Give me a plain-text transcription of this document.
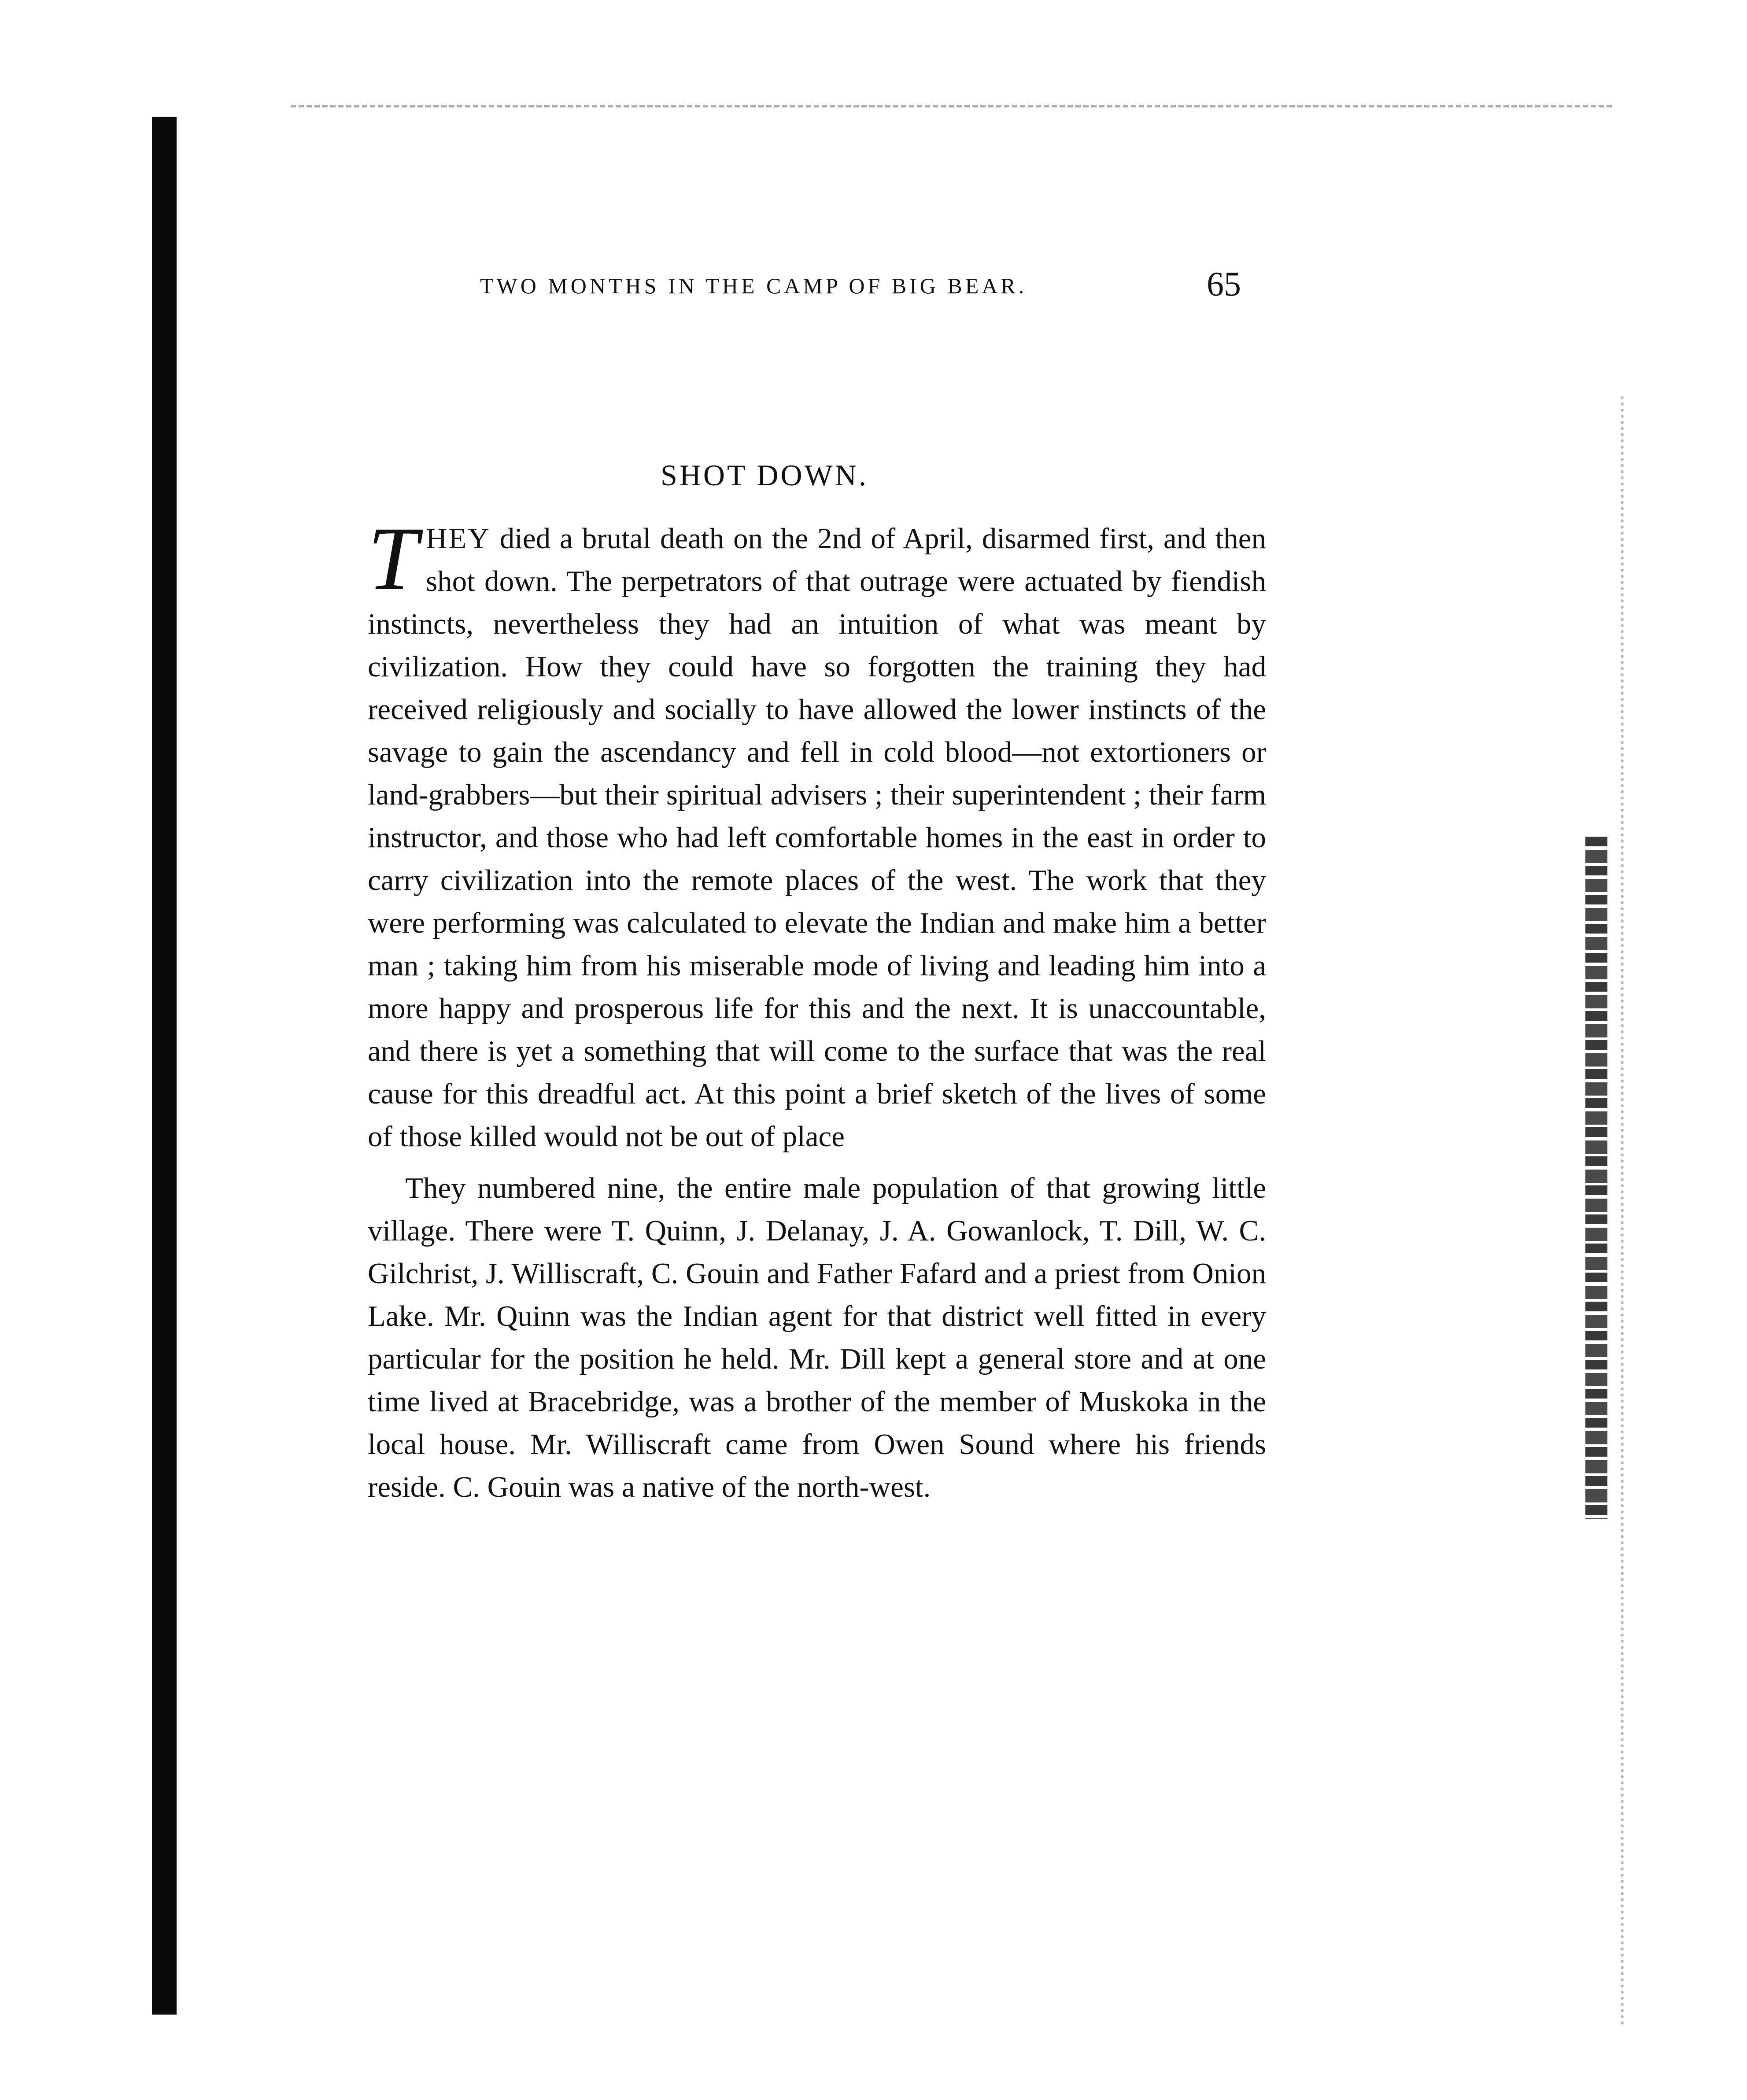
TWO MONTHS IN THE CAMP OF BIG BEAR.	65
SHOT DOWN.

THEY died a brutal death on the 2nd of April, disarmed first, and then shot down. The perpetrators of that outrage were actuated by fiendish instincts, nevertheless they had an intuition of what was meant by civilization. How they could have so forgotten the training they had received religiously and socially to have allowed the lower instincts of the savage to gain the ascendancy and fell in cold blood—not extortioners or land-grabbers—but their spiritual advisers ; their superintendent ; their farm instructor, and those who had left comfortable homes in the east in order to carry civilization into the remote places of the west. The work that they were performing was calculated to elevate the Indian and make him a better man ; taking him from his miserable mode of living and leading him into a more happy and prosperous life for this and the next. It is unaccountable, and there is yet a something that will come to the surface that was the real cause for this dreadful act. At this point a brief sketch of the lives of some of those killed would not be out of place

They numbered nine, the entire male population of that growing little village. There were T. Quinn, J. Delanay, J. A. Gowanlock, T. Dill, W. C. Gilchrist, J. Williscraft, C. Gouin and Father Fafard and a priest from Onion Lake. Mr. Quinn was the Indian agent for that district well fitted in every particular for the position he held. Mr. Dill kept a general store and at one time lived at Bracebridge, was a brother of the member of Muskoka in the local house. Mr. Williscraft came from Owen Sound where his friends reside. C. Gouin was a native of the north-west.
